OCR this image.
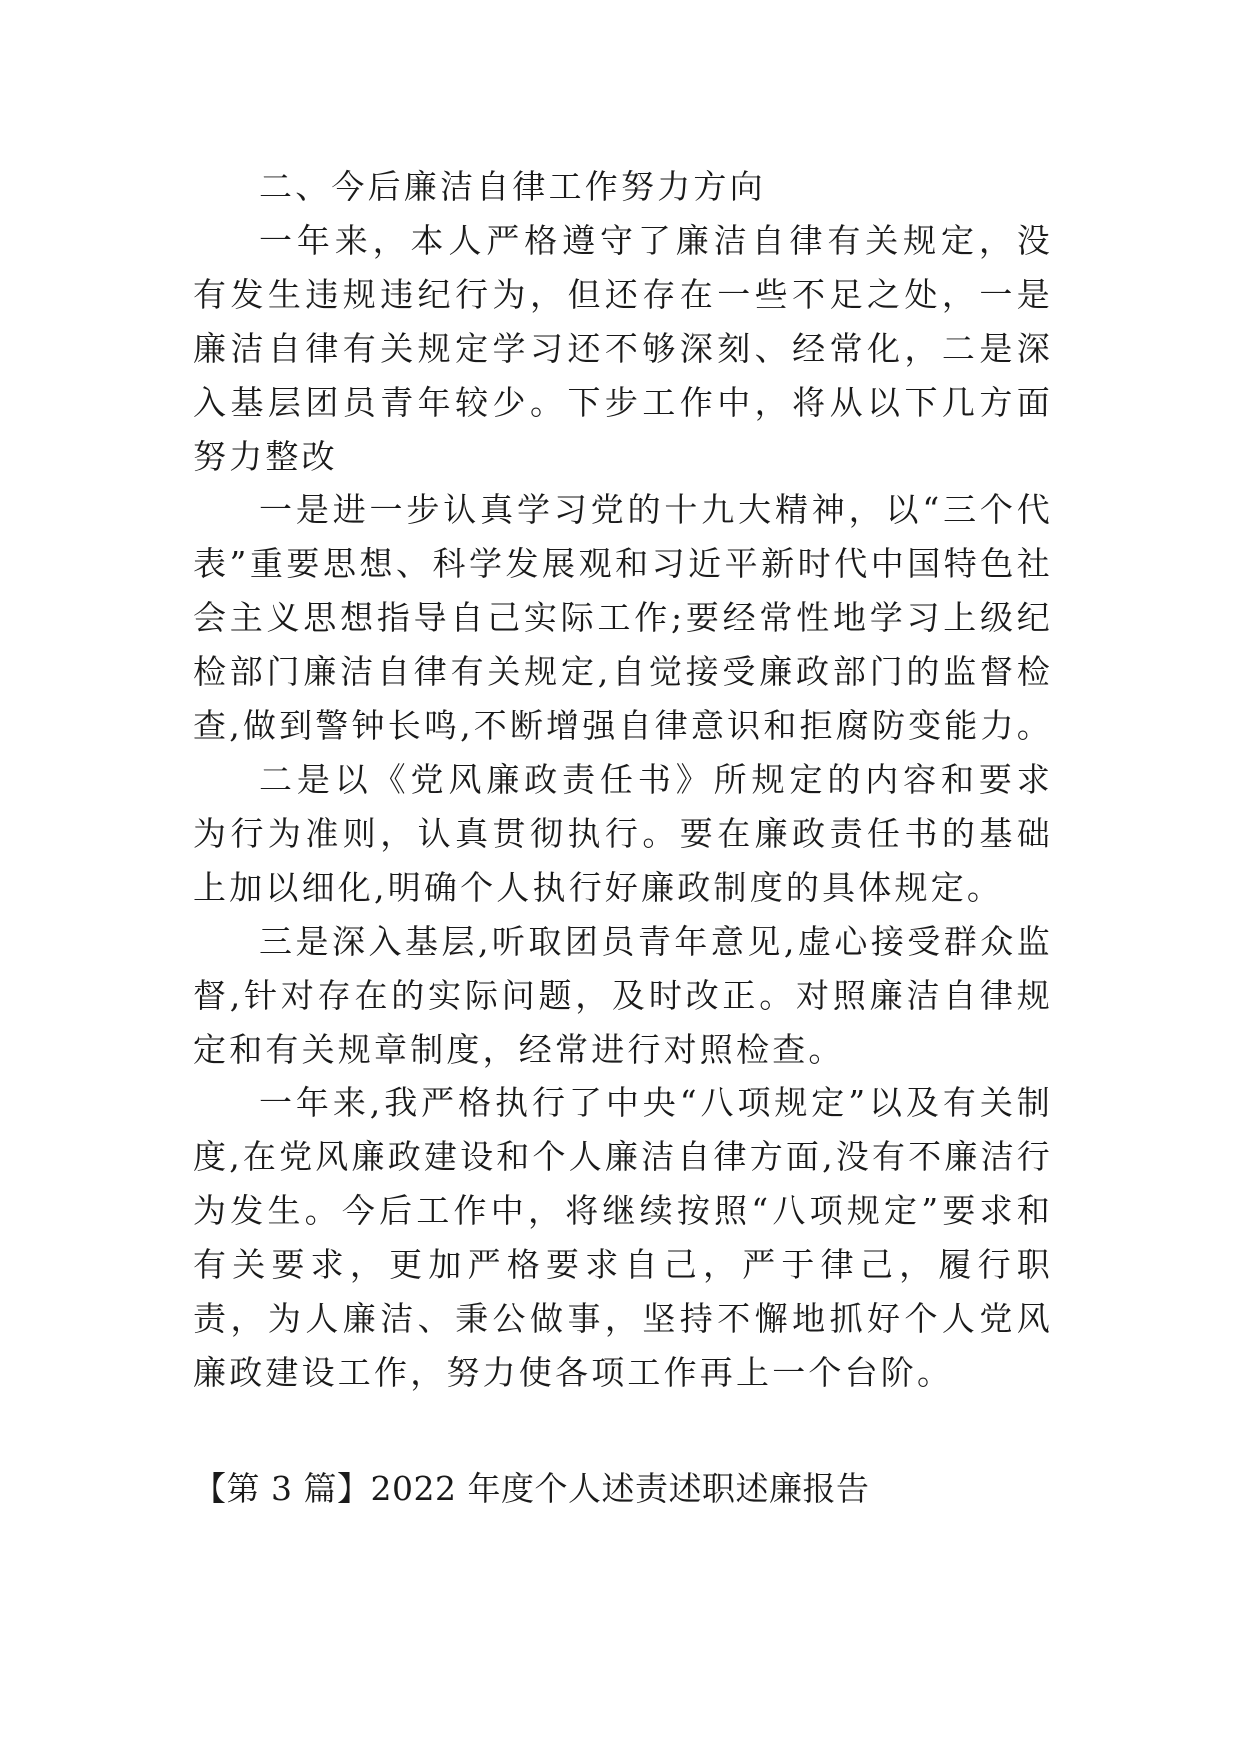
二、今后廉洁自律工作努力方向

一年来，本人严格遵守了廉洁自律有关规定，没有发生违规违纪行为，但还存在一些不足之处，一是廉洁自律有关规定学习还不够深刻、经常化，二是深入基层团员青年较少。下步工作中，将从以下几方面努力整改

一是进一步认真学习党的十九大精神，以“三个代表”重要思想、科学发展观和习近平新时代中国特色社会主义思想指导自己实际工作;要经常性地学习上级纪检部门廉洁自律有关规定,自觉接受廉政部门的监督检查,做到警钟长鸣,不断增强自律意识和拒腐防变能力。

二是以《党风廉政责任书》所规定的内容和要求为行为准则，认真贯彻执行。要在廉政责任书的基础上加以细化,明确个人执行好廉政制度的具体规定。

三是深入基层,听取团员青年意见,虚心接受群众监督,针对存在的实际问题，及时改正。对照廉洁自律规定和有关规章制度，经常进行对照检查。

一年来,我严格执行了中央“八项规定”以及有关制度,在党风廉政建设和个人廉洁自律方面,没有不廉洁行为发生。今后工作中，将继续按照“八项规定”要求和有关要求，更加严格要求自己，严于律己，履行职责，为人廉洁、秉公做事，坚持不懈地抓好个人党风廉政建设工作，努力使各项工作再上一个台阶。

【第 3 篇】2022 年度个人述责述职述廉报告
